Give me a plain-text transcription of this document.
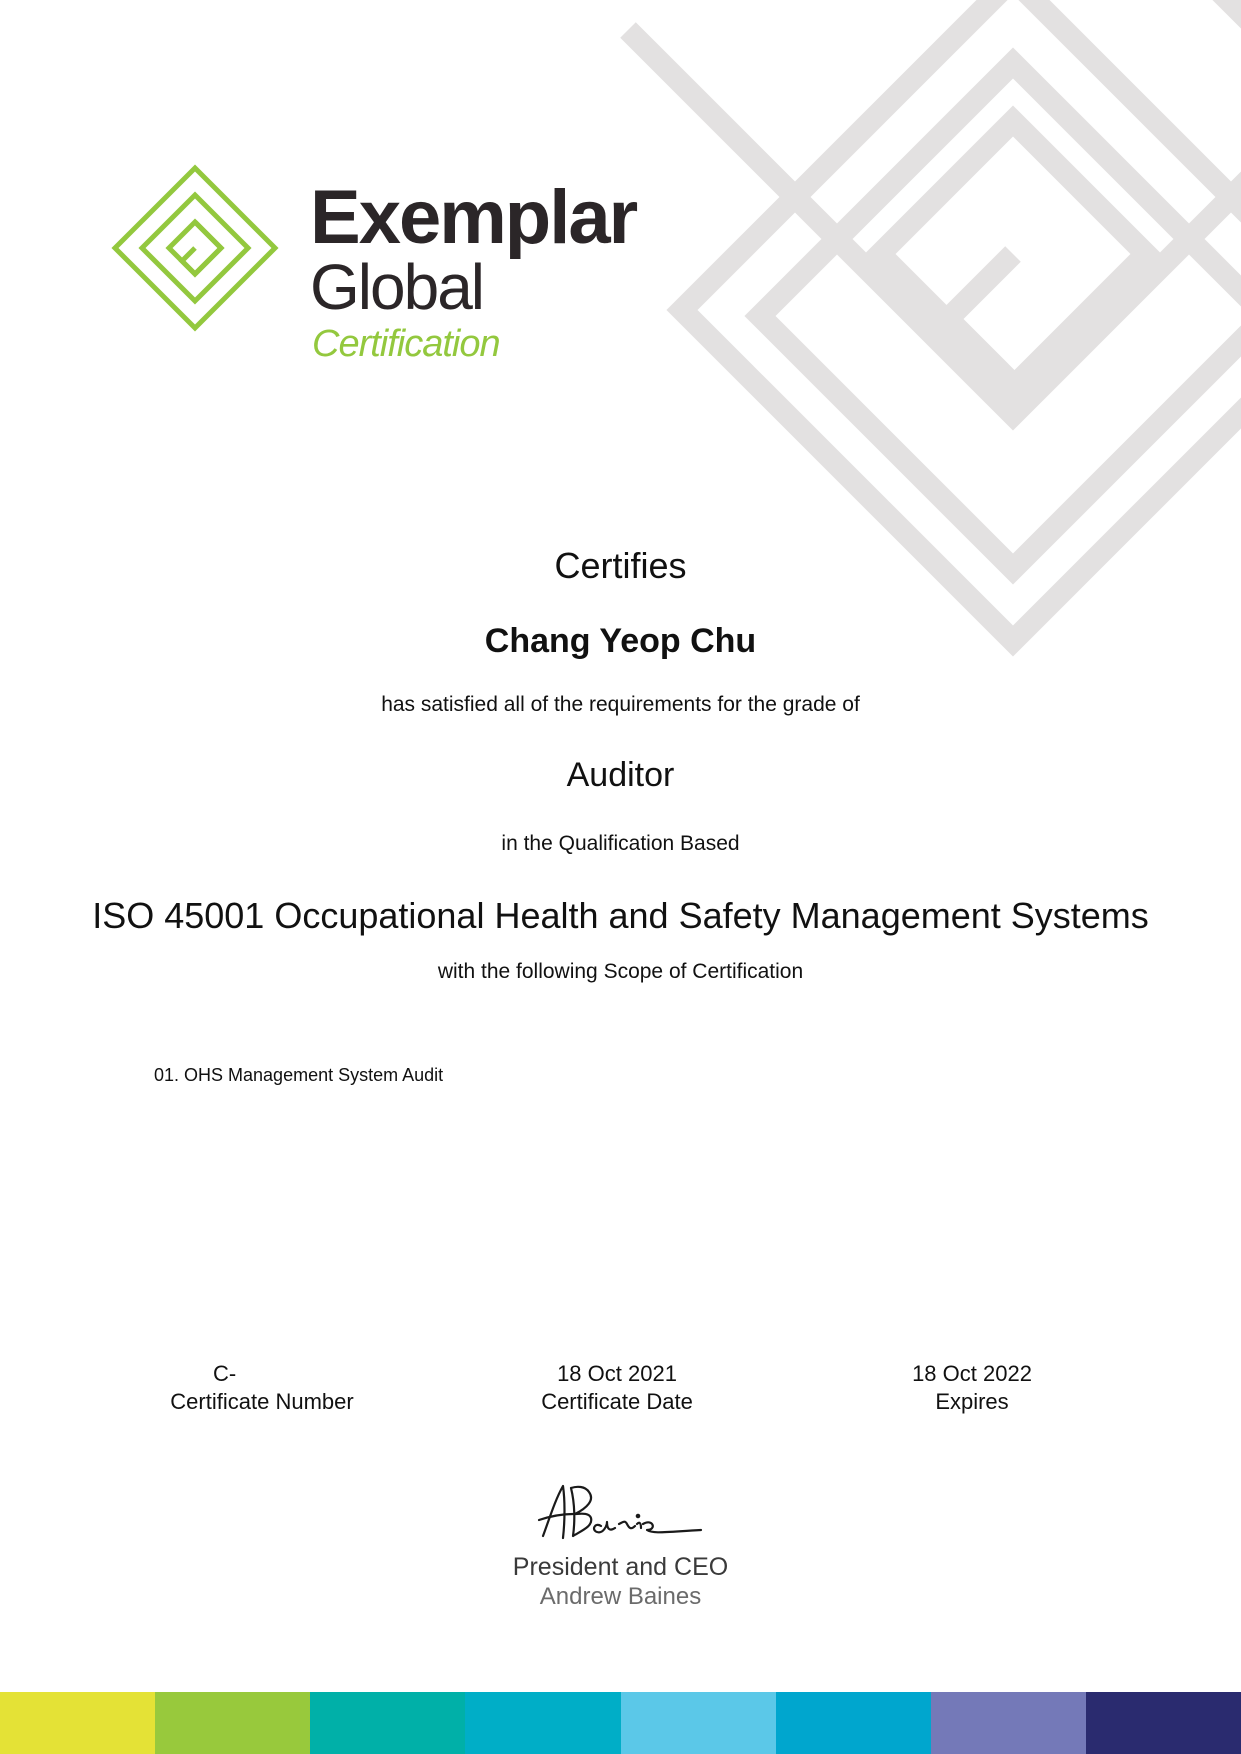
Exemplar
Global
Certification
Certifies
Chang Yeop Chu
has satisfied all of the requirements for the grade of
Auditor
in the Qualification Based
ISO 45001 Occupational Health and Safety Management Systems
with the following Scope of Certification
01. OHS Management System Audit
C-
Certificate Number
18 Oct 2021
Certificate Date
18 Oct 2022
Expires
President and CEO
Andrew Baines
